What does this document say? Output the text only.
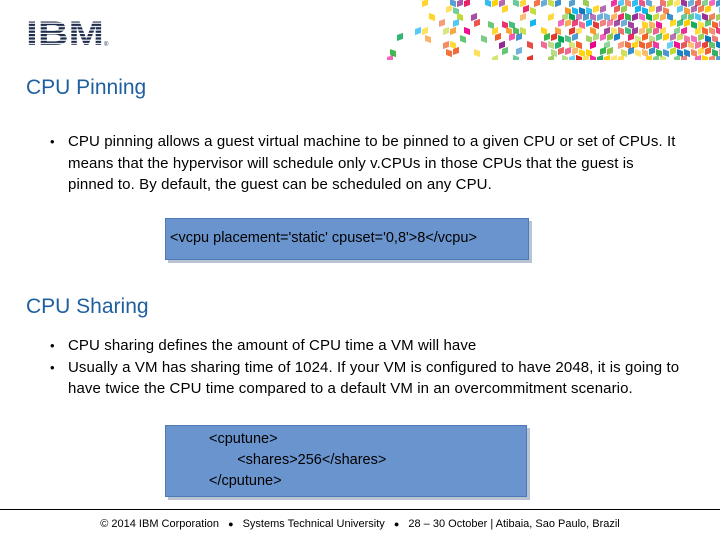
IBM ®
CPU Pinning
• CPU pinning allows a guest virtual machine to be pinned to a given CPU or set of CPUs. It means that the hypervisor will schedule only v.CPUs in those CPUs that the guest is pinned to. By default, the guest can be scheduled on any CPU.
<vcpu placement='static' cpuset='0,8'>8</vcpu>
CPU Sharing
• CPU sharing defines the amount of CPU time a VM will have
• Usually a VM has sharing time of 1024. If your VM is configured to have 2048, it is going to have twice the CPU time compared to a default VM in an overcommitment scenario.
<cputune>
<shares>256</shares>
</cputune>
© 2014 IBM Corporation ● Systems Technical University ● 28 – 30 October | Atibaia, Sao Paulo, Brazil
